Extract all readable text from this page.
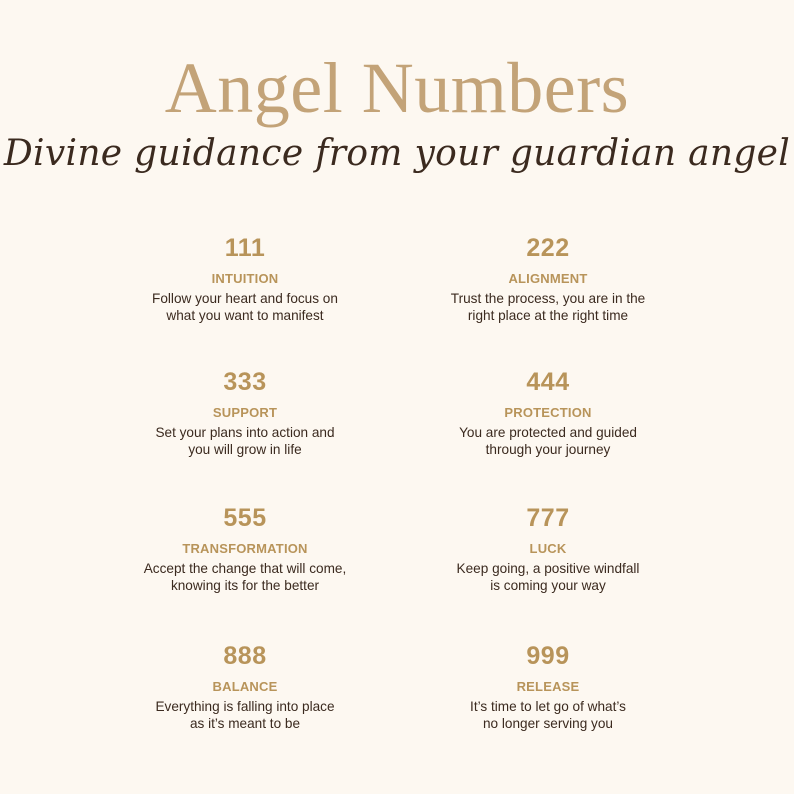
Angel Numbers
Divine guidance from your guardian angel
111
INTUITION
Follow your heart and focus on
what you want to manifest
222
ALIGNMENT
Trust the process, you are in the
right place at the right time
333
SUPPORT
Set your plans into action and
you will grow in life
444
PROTECTION
You are protected and guided
through your journey
555
TRANSFORMATION
Accept the change that will come,
knowing its for the better
777
LUCK
Keep going, a positive windfall
is coming your way
888
BALANCE
Everything is falling into place
as it’s meant to be
999
RELEASE
It’s time to let go of what’s
no longer serving you
